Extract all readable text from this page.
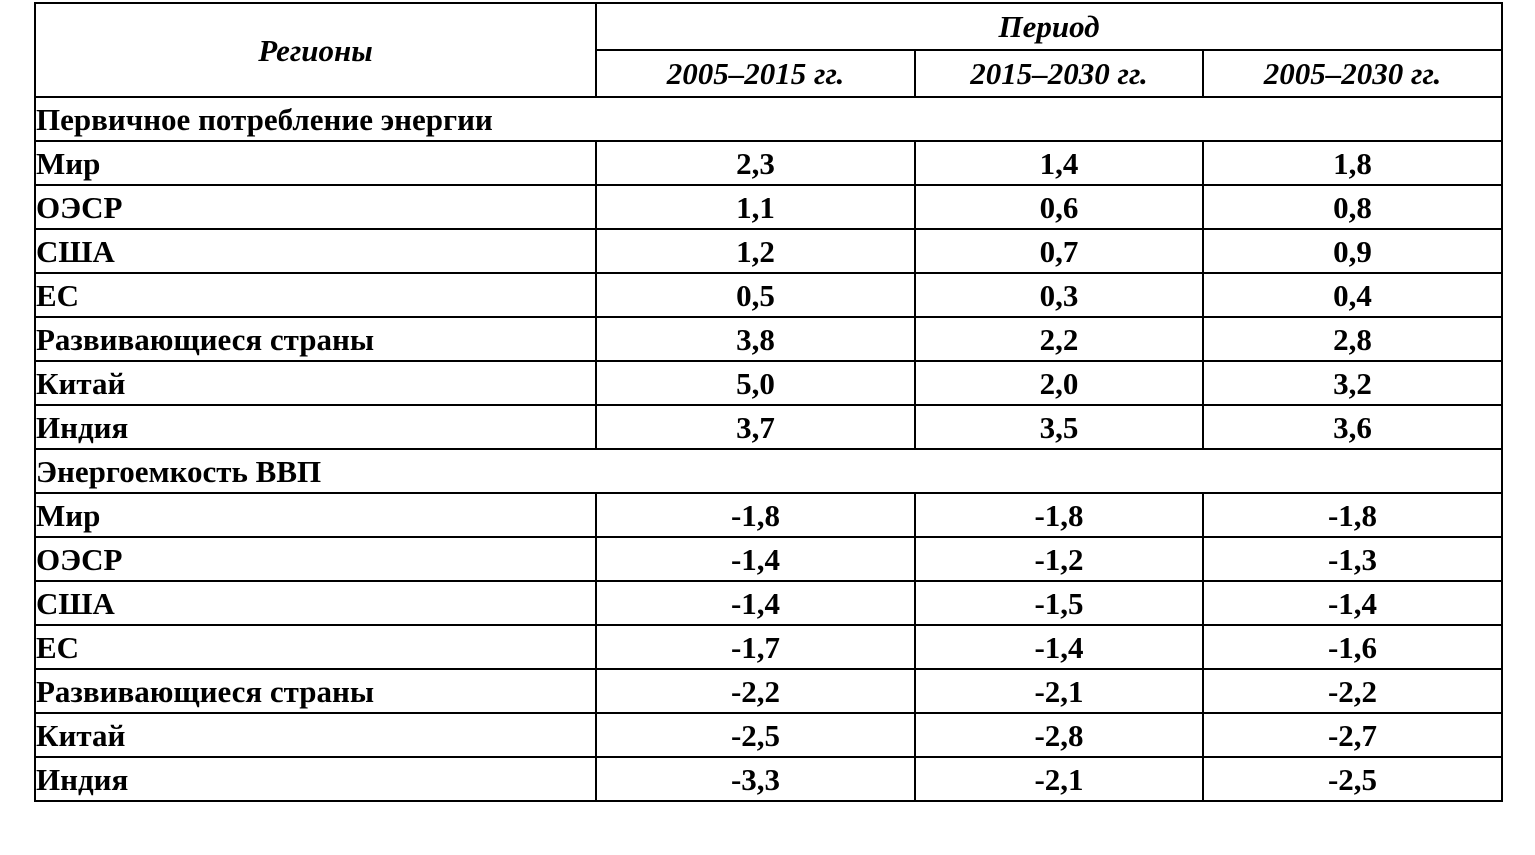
Регионы	Период		
	2005–2015 гг.	2015–2030 гг.	2005–2030 гг.
Первичное потребление энергии			
Мир	2,3	1,4	1,8
ОЭСР	1,1	0,6	0,8
США	1,2	0,7	0,9
ЕС	0,5	0,3	0,4
Развивающиеся страны	3,8	2,2	2,8
Китай	5,0	2,0	3,2
Индия	3,7	3,5	3,6
Энергоемкость ВВП			
Мир	-1,8	-1,8	-1,8
ОЭСР	-1,4	-1,2	-1,3
США	-1,4	-1,5	-1,4
ЕС	-1,7	-1,4	-1,6
Развивающиеся страны	-2,2	-2,1	-2,2
Китай	-2,5	-2,8	-2,7
Индия	-3,3	-2,1	-2,5
